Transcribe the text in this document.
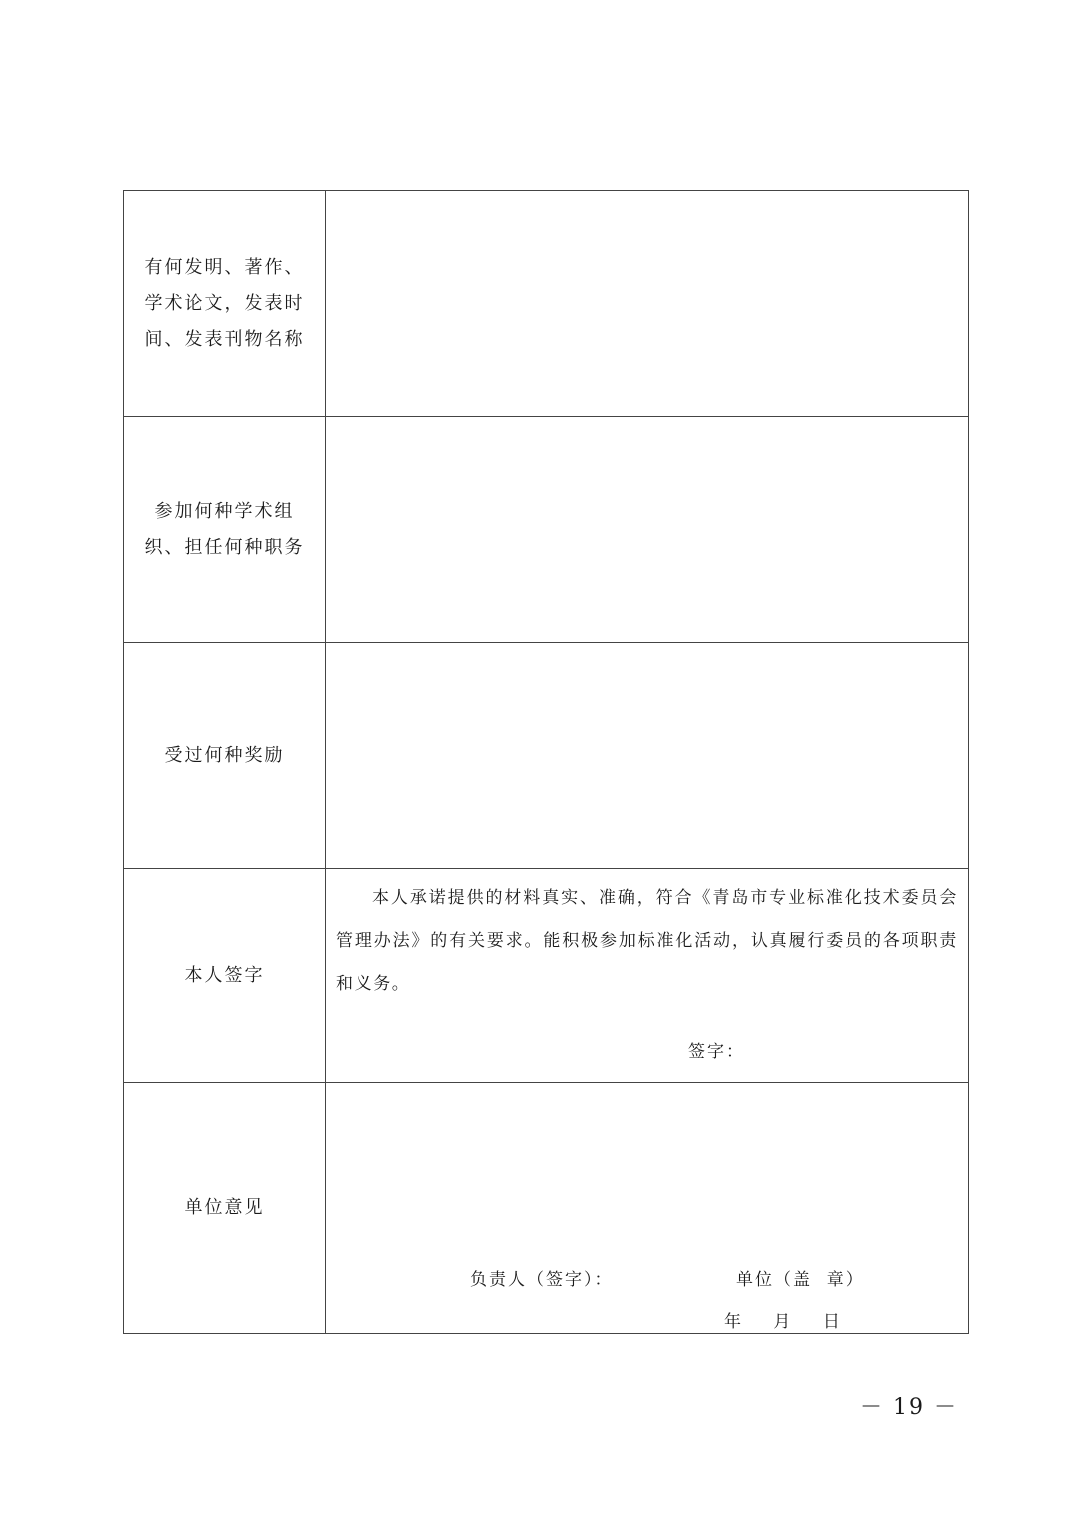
有何发明、著作、
学术论文，发表时
间、发表刊物名称	

参加何种学术组
织、担任何种职务	

受过何种奖励	

本人签字	本人承诺提供的材料真实、准确，符合《青岛市专业标准化技术委员会管理办法》的有关要求。能积极参加标准化活动，认真履行委员的各项职责和义务。
签字：

单位意见	负责人（签字）： 单位（盖  章）
年      月      日
－ 19 －
